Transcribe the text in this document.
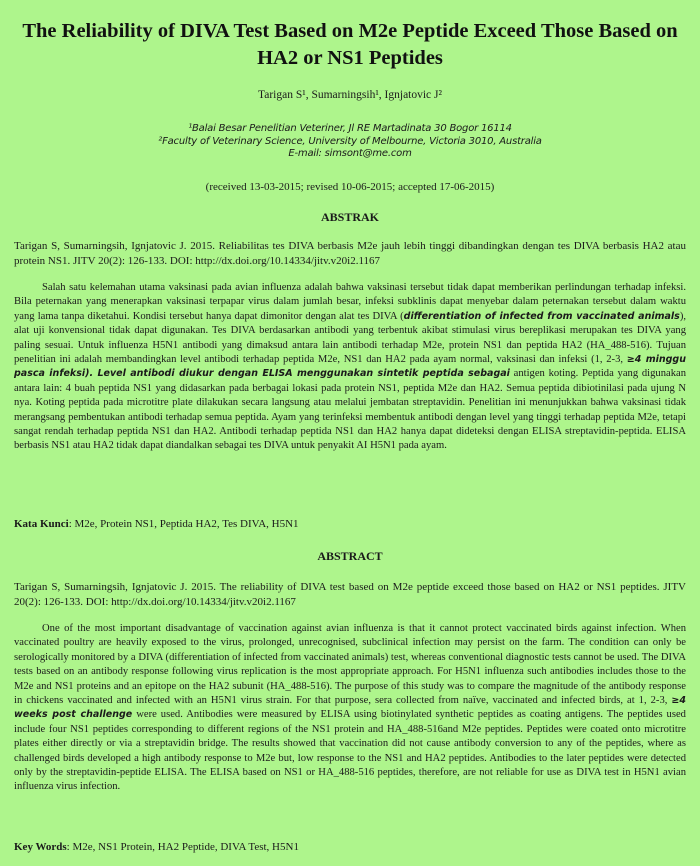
The Reliability of DIVA Test Based on M2e Peptide Exceed Those Based on HA2 or NS1 Peptides
Tarigan S¹, Sumarningsih¹, Ignjatovic J²
¹Balai Besar Penelitian Veteriner, Jl RE Martadinata 30 Bogor 16114
²Faculty of Veterinary Science, University of Melbourne, Victoria 3010, Australia
E-mail: simsont@me.com
(received 13-03-2015; revised 10-06-2015; accepted 17-06-2015)
ABSTRAK
Tarigan S, Sumarningsih, Ignjatovic J. 2015. Reliabilitas tes DIVA berbasis M2e jauh lebih tinggi dibandingkan dengan tes DIVA berbasis HA2 atau protein NS1. JITV 20(2): 126-133. DOI: http://dx.doi.org/10.14334/jitv.v20i2.1167
Salah satu kelemahan utama vaksinasi pada avian influenza adalah bahwa vaksinasi tersebut tidak dapat memberikan perlindungan terhadap infeksi. Bila peternakan yang menerapkan vaksinasi terpapar virus dalam jumlah besar, infeksi subklinis dapat menyebar dalam peternakan tersebut dalam waktu yang lama tanpa diketahui. Kondisi tersebut hanya dapat dimonitor dengan alat tes DIVA (differentiation of infected from vaccinated animals), alat uji konvensional tidak dapat digunakan. Tes DIVA berdasarkan antibodi yang terbentuk akibat stimulasi virus bereplikasi merupakan tes DIVA yang paling sesuai. Untuk influenza H5N1 antibodi yang dimaksud antara lain antibodi terhadap M2e, protein NS1 dan peptida HA2 (HA_488-516). Tujuan penelitian ini adalah membandingkan level antibodi terhadap peptida M2e, NS1 dan HA2 pada ayam normal, vaksinasi dan infeksi (1, 2-3, ≥4 minggu pasca infeksi). Level antibodi diukur dengan ELISA menggunakan sintetik peptida sebagai antigen koting. Peptida yang digunakan antara lain: 4 buah peptida NS1 yang didasarkan pada berbagai lokasi pada protein NS1, peptida M2e dan HA2. Semua peptida dibiotinilasi pada ujung N nya. Koting peptida pada microtitre plate dilakukan secara langsung atau melalui jembatan streptavidin. Penelitian ini menunjukkan bahwa vaksinasi tidak merangsang pembentukan antibodi terhadap semua peptida. Ayam yang terinfeksi membentuk antibodi dengan level yang tinggi terhadap peptida M2e, tetapi sangat rendah terhadap peptida NS1 dan HA2. Antibodi terhadap peptida NS1 dan HA2 hanya dapat dideteksi dengan ELISA streptavidin-peptida. ELISA berbasis NS1 atau HA2 tidak dapat diandalkan sebagai tes DIVA untuk penyakit AI H5N1 pada ayam.
Kata Kunci: M2e, Protein NS1, Peptida HA2, Tes DIVA, H5N1
ABSTRACT
Tarigan S, Sumarningsih, Ignjatovic J. 2015. The reliability of DIVA test based on M2e peptide exceed those based on HA2 or NS1 peptides. JITV 20(2): 126-133. DOI: http://dx.doi.org/10.14334/jitv.v20i2.1167
One of the most important disadvantage of vaccination against avian influenza is that it cannot protect vaccinated birds against infection. When vaccinated poultry are heavily exposed to the virus, prolonged, unrecognised, subclinical infection may persist on the farm. The condition can only be serologically monitored by a DIVA (differentiation of infected from vaccinated animals) test, whereas conventional diagnostic tests cannot be used. The DIVA tests based on an antibody response following virus replication is the most appropriate approach. For H5N1 influenza such antibodies includes those to the M2e and NS1 proteins and an epitope on the HA2 subunit (HA_488-516). The purpose of this study was to compare the magnitude of the antibody response in chickens vaccinated and infected with an H5N1 virus strain. For that purpose, sera collected from naïve, vaccinated and infected birds, at 1, 2-3, ≥4 weeks post challenge were used. Antibodies were measured by ELISA using biotinylated synthetic peptides as coating antigens. The peptides used include four NS1 peptides corresponding to different regions of the NS1 protein and HA_488-516and M2e peptides. Peptides were coated onto microtitre plates either directly or via a streptavidin bridge. The results showed that vaccination did not cause antibody conversion to any of the peptides, where as challenged birds developed a high antibody response to M2e but, low response to the NS1 and HA2 peptides. Antibodies to the later peptides were detected only by the streptavidin-peptide ELISA. The ELISA based on NS1 or HA_488-516 peptides, therefore, are not reliable for use as DIVA test in H5N1 avian influenza virus infection.
Key Words: M2e, NS1 Protein, HA2 Peptide, DIVA Test, H5N1
